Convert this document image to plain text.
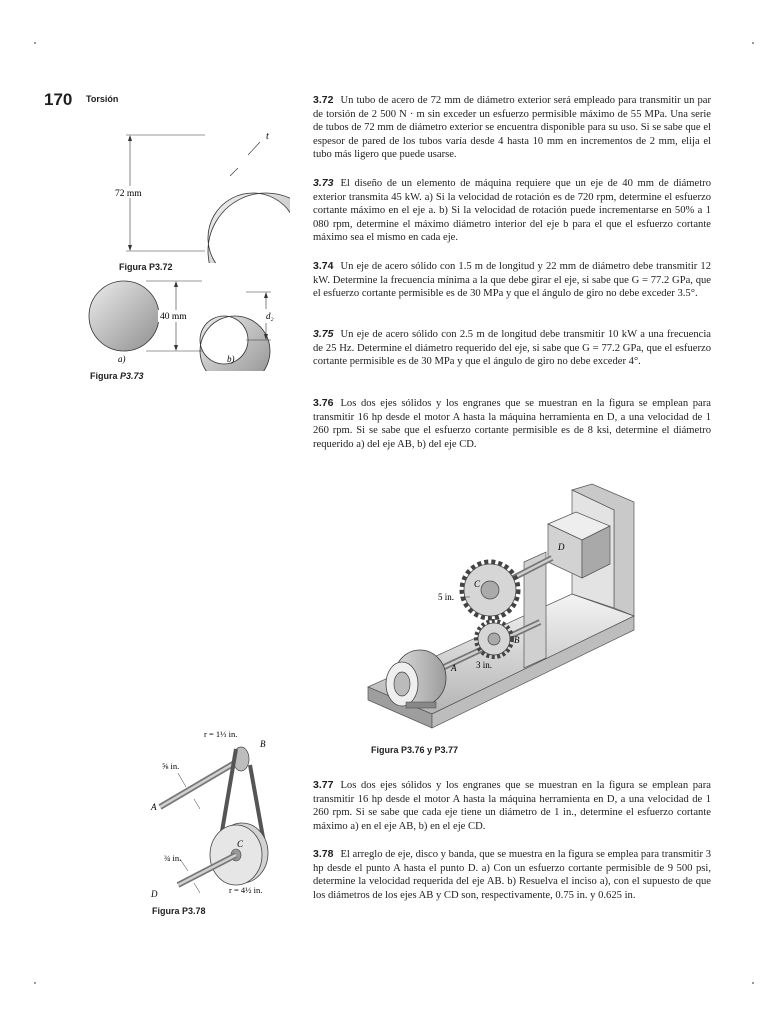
170 Torsión	3.72 Un tubo de acero de 72 mm de diámetro exterior será empleado para transmitir un par de torsión de 2 500 N · m sin exceder un esfuerzo permisible máximo de 55 MPa. Una serie de tubos de 72 mm de diámetro exterior se encuentra disponible para su uso. Si se sabe que el espesor de pared de los tubos varía desde 4 hasta 10 mm en incrementos de 2 mm, elija el tubo más ligero que puede usarse.

3.73 El diseño de un elemento de máquina requiere que un eje de 40 mm de diámetro exterior transmita 45 kW. a) Si la velocidad de rotación es de 720 rpm, determine el esfuerzo cortante máximo en el eje a. b) Si la velocidad de rotación puede incrementarse en 50% a 1 080 rpm, determine el máximo diámetro interior del eje b para el que el esfuerzo cortante máximo sea el mismo en cada eje.

3.74 Un eje de acero sólido con 1.5 m de longitud y 22 mm de diámetro debe transmitir 12 kW. Determine la frecuencia mínima a la que debe girar el eje, si sabe que G = 77.2 GPa, que el esfuerzo cortante permisible es de 30 MPa y que el ángulo de giro no debe exceder 3.5°.

3.75 Un eje de acero sólido con 2.5 m de longitud debe transmitir 10 kW a una frecuencia de 25 Hz. Determine el diámetro requerido del eje, si sabe que G = 77.2 GPa, que el esfuerzo cortante permisible es de 30 MPa y que el ángulo de giro no debe exceder 4°.

3.76 Los dos ejes sólidos y los engranes que se muestran en la figura se emplean para transmitir 16 hp desde el motor A hasta la máquina herramienta en D, a una velocidad de 1 260 rpm. Si se sabe que el esfuerzo cortante permisible es de 8 ksi, determine el diámetro requerido a) del eje AB, b) del eje CD.

3.77 Los dos ejes sólidos y los engranes que se muestran en la figura se emplean para transmitir 16 hp desde el motor A hasta la máquina herramienta en D, a una velocidad de 1 260 rpm. Si se sabe que cada eje tiene un diámetro de 1 in., determine el esfuerzo cortante máximo a) en el eje AB, b) en el eje CD.

3.78 El arreglo de eje, disco y banda, que se muestra en la figura se emplea para transmitir 3 hp desde el punto A hasta el punto D. a) Con un esfuerzo cortante permisible de 9 500 psi, determine la velocidad requerida del eje AB. b) Resuelva el inciso a), con el supuesto de que los diámetros de los ejes AB y CD son, respectivamente, 0.75 in. y 0.625 in.

72 mm
t
Figura P3.72
40 mm	d₂
a)	b)
Figura P3.73
5 in.
3 in.
A
B
C
D
Figura P3.76 y P3.77
r = 1⅓ in.
B
⅝ in.
A
C
¾ in.
D	r = 4½ in.
Figura P3.78
